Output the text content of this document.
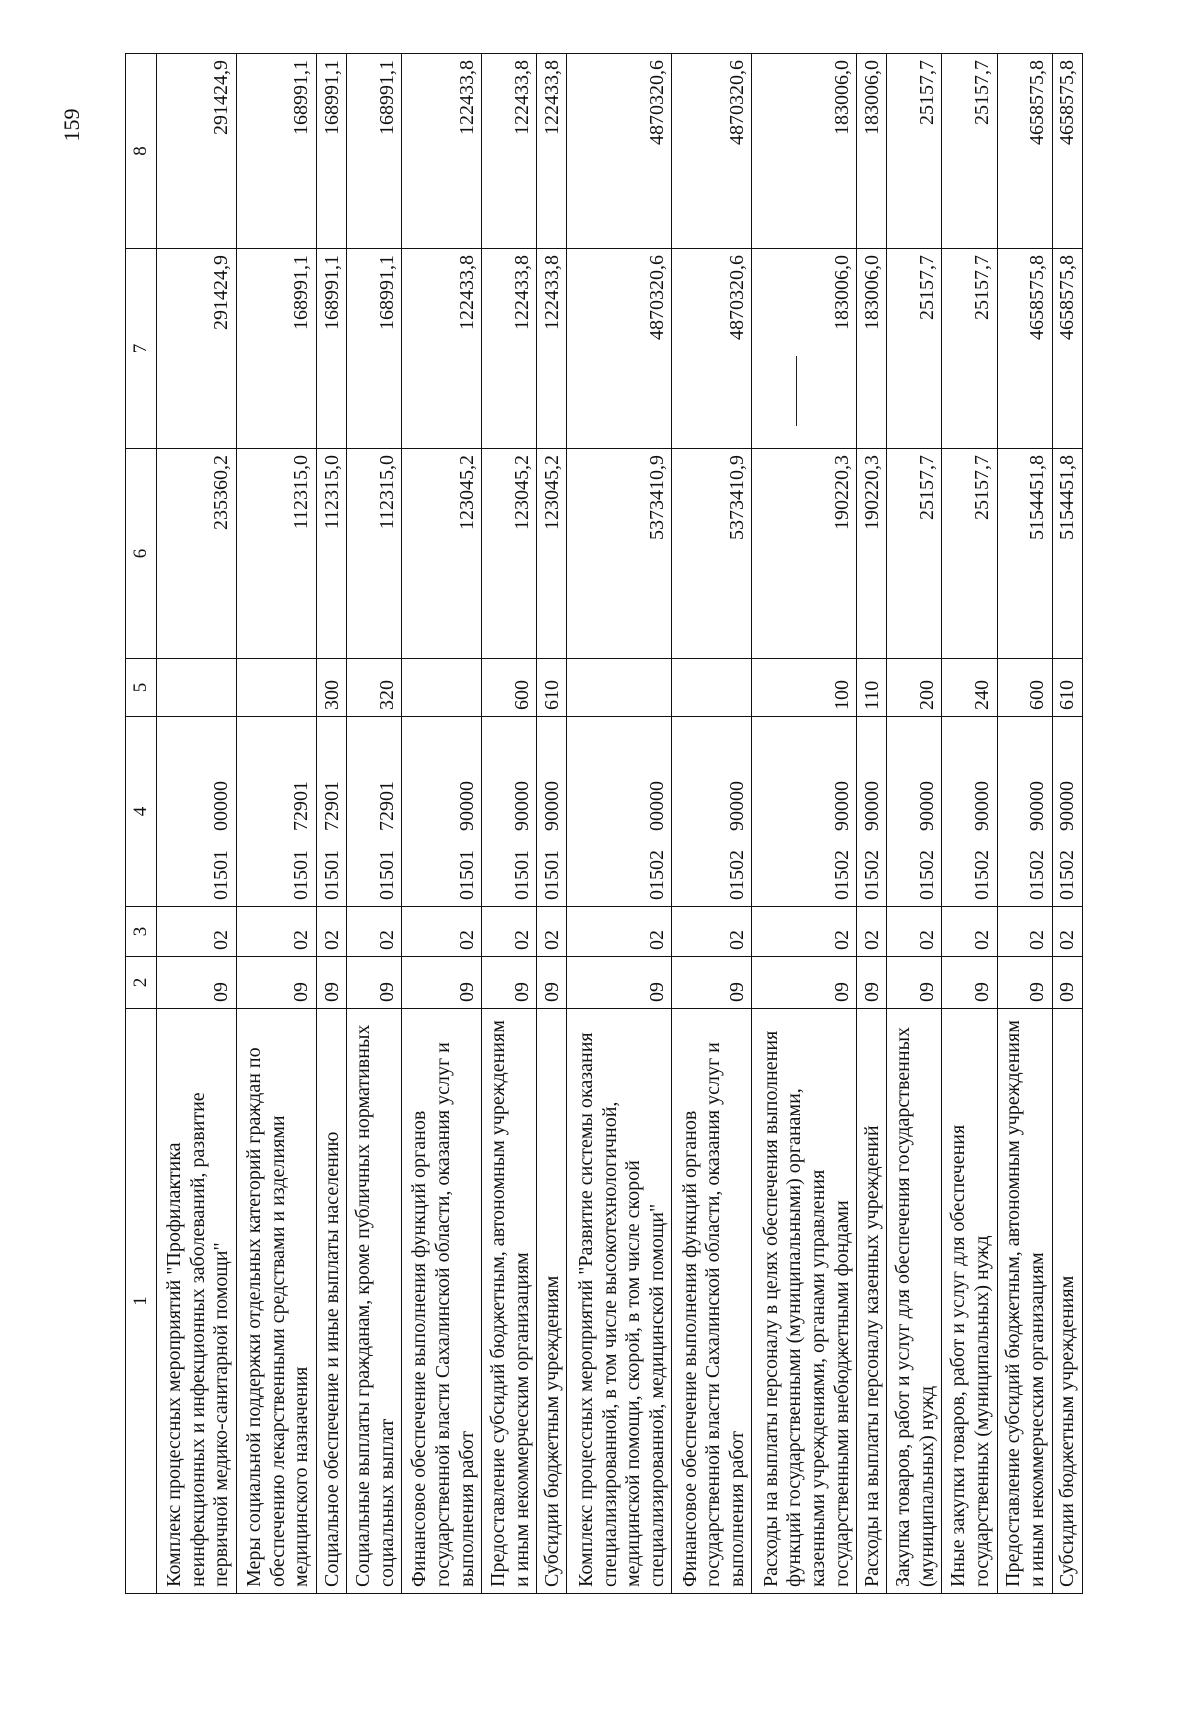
159
1	2	3	4	5	6	7	8
Комплекс процессных мероприятий "Профилактика неинфекционных и инфекционных заболеваний, развитие первичной медико-санитарной помощи"	09	02	01501 00000		235360,2	291424,9	291424,9
Меры социальной поддержки отдельных категорий граждан по обеспечению лекарственными средствами и изделиями медицинского назначения	09	02	01501 72901		112315,0	168991,1	168991,1
Социальное обеспечение и иные выплаты населению	09	02	01501 72901	300	112315,0	168991,1	168991,1
Социальные выплаты гражданам, кроме публичных нормативных социальных выплат	09	02	01501 72901	320	112315,0	168991,1	168991,1
Финансовое обеспечение выполнения функций органов государственной власти Сахалинской области, оказания услуг и выполнения работ	09	02	01501 90000		123045,2	122433,8	122433,8
Предоставление субсидий бюджетным, автономным учреждениям и иным некоммерческим организациям	09	02	01501 90000	600	123045,2	122433,8	122433,8
Субсидии бюджетным учреждениям	09	02	01501 90000	610	123045,2	122433,8	122433,8
Комплекс процессных мероприятий "Развитие системы оказания специализированной, в том числе высокотехнологичной, медицинской помощи, скорой, в том числе скорой специализированной, медицинской помощи"	09	02	01502 00000		5373410,9	4870320,6	4870320,6
Финансовое обеспечение выполнения функций органов государственной власти Сахалинской области, оказания услуг и выполнения работ	09	02	01502 90000		5373410,9	4870320,6	4870320,6
Расходы на выплаты персоналу в целях обеспечения выполнения функций государственными (муниципальными) органами, казенными учреждениями, органами управления государственными внебюджетными фондами	09	02	01502 90000	100	190220,3	183006,0	183006,0
Расходы на выплаты персоналу казенных учреждений	09	02	01502 90000	110	190220,3	183006,0	183006,0
Закупка товаров, работ и услуг для обеспечения государственных (муниципальных) нужд	09	02	01502 90000	200	25157,7	25157,7	25157,7
Иные закупки товаров, работ и услуг для обеспечения государственных (муниципальных) нужд	09	02	01502 90000	240	25157,7	25157,7	25157,7
Предоставление субсидий бюджетным, автономным учреждениям и иным некоммерческим организациям	09	02	01502 90000	600	5154451,8	4658575,8	4658575,8
Субсидии бюджетным учреждениям	09	02	01502 90000	610	5154451,8	4658575,8	4658575,8
